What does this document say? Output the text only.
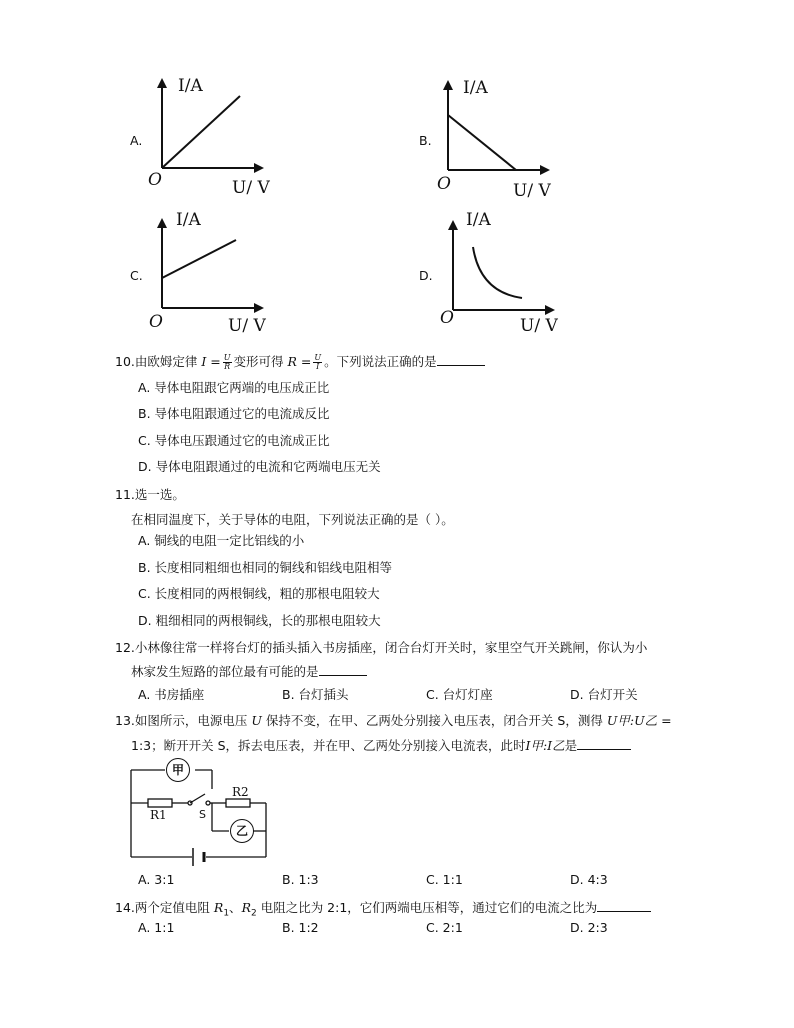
A.
I/A
U/ V
O
B.
I/A
U/ V
O
C.
I/A
U/ V
O
D.
I/A
U/ V
O
10.由欧姆定律 $I = \frac{U}{R}$ 变形可得 $R = \frac{U}{I}$ 。下列说法正确的是
A. 导体电阻跟它两端的电压成正比
B. 导体电阻跟通过它的电流成反比
C. 导体电压跟通过它的电流成正比
D. 导体电阻跟通过的电流和它两端电压无关
11.选一选。
在相同温度下，关于导体的电阻，下列说法正确的是（ ）。
A. 铜线的电阻一定比铝线的小
B. 长度相同粗细也相同的铜线和铝线电阻相等
C. 长度相同的两根铜线，粗的那根电阻较大
D. 粗细相同的两根铜线，长的那根电阻较大
12.小林像往常一样将台灯的插头插入书房插座，闭合台灯开关时，家里空气开关跳闸，你认为小
林家发生短路的部位最有可能的是
A. 书房插座	B. 台灯插头	C. 台灯灯座	D. 台灯开关
13.如图所示，电源电压 U 保持不变，在甲、乙两处分别接入电压表，闭合开关 S，测得 U甲:U乙 =
1:3；断开开关 S，拆去电压表，并在甲、乙两处分别接入电流表，此时I甲:I乙是
甲
乙
R1
R2
S
A. 3:1	B. 1:3	C. 1:1	D. 4:3
14.两个定值电阻 $R_1$、$R_2$ 电阻之比为 2:1，它们两端电压相等，通过它们的电流之比为
A. 1:1	B. 1:2	C. 2:1	D. 2:3
